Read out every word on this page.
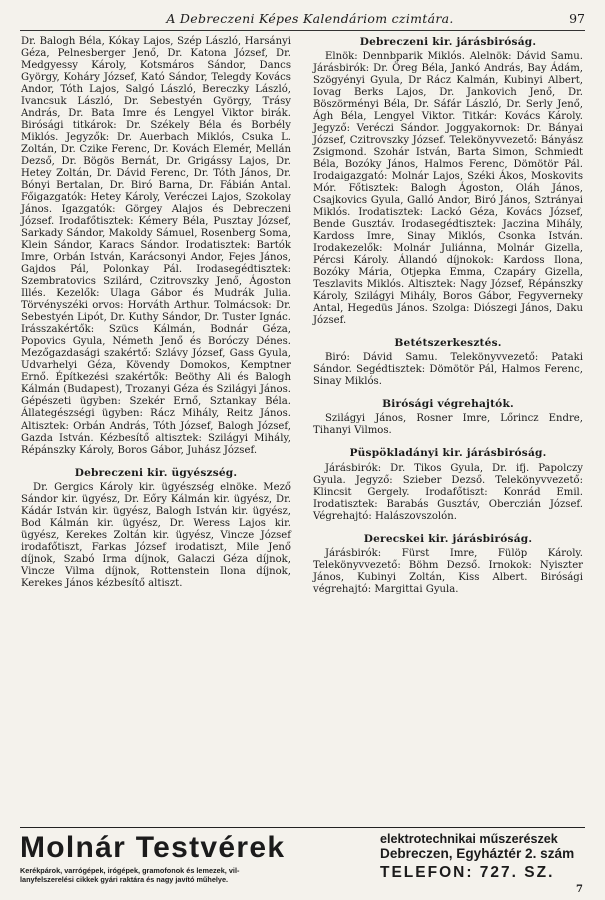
A Debreczeni Képes Kalendáriom czimtára.	97

Dr. Balogh Béla, Kókay Lajos, Szép László, Harsányi Géza, Pelnesberger Jenő, Dr. Katona József, Dr. Medgyessy Károly, Kotsmáros Sándor, Dancs György, Koháry József, Kató Sándor, Telegdy Kovács Andor, Tóth Lajos, Salgó László, Bereczky László, Ivancsuk László, Dr. Sebestyén György, Trásy András, Dr. Bata Imre és Lengyel Viktor birák. Birósági titkárok: Dr. Székely Béla és Borbély Miklós. Jegyzők: Dr. Auerbach Miklós, Csuka L. Zoltán, Dr. Czike Ferenc, Dr. Kovách Elemér, Mellán Dezső, Dr. Bögös Bernát, Dr. Grigássy Lajos, Dr. Hetey Zoltán, Dr. Dávid Ferenc, Dr. Tóth János, Dr. Bónyi Bertalan, Dr. Biró Barna, Dr. Fábián Antal. Főigazgatók: Hetey Károly, Veréczei Lajos, Szokolay János. Igazgatók: Görgey Alajos és Debreczeni József. Irodafőtisztek: Kémery Béla, Pusztay József, Sarkady Sándor, Makoldy Sámuel, Rosenberg Soma, Klein Sándor, Karacs Sándor. Irodatisztek: Bartók Imre, Orbán István, Karácsonyi Andor, Fejes János, Gajdos Pál, Polonkay Pál. Irodasegédtisztek: Szembratovics Szilárd, Czitrovszky Jenő, Ágoston Illés. Kezelők: Ulaga Gábor és Mudrák Julia. Törvényszéki orvos: Horváth Arthur. Tolmácsok: Dr. Sebestyén Lipót, Dr. Kuthy Sándor, Dr. Tuster Ignác. Irásszakértők: Szücs Kálmán, Bodnár Géza, Popovics Gyula, Németh Jenő és Boróczy Dénes. Mezőgazdasági szakértő: Szlávy József, Gass Gyula, Udvarhelyi Géza, Kövendy Domokos, Kemptner Ernő. Építkezési szakértők: Beöthy Ali és Balogh Kálmán (Budapest), Trozanyi Géza és Szilágyi János. Gépészeti ügyben: Szekér Ernő, Sztankay Béla. Állategészségi ügyben: Rácz Mihály, Reitz János. Altisztek: Orbán András, Tóth József, Balogh József, Gazda István. Kézbesítő altisztek: Szilágyi Mihály, Répánszky Károly, Boros Gábor, Juhász József.

Debreczeni kir. ügyészség.

Dr. Gergics Károly kir. ügyészség elnöke. Mező Sándor kir. ügyész, Dr. Eőry Kálmán kir. ügyész, Dr. Kádár István kir. ügyész, Balogh István kir. ügyész, Bod Kálmán kir. ügyész, Dr. Weress Lajos kir. ügyész, Kerekes Zoltán kir. ügyész, Vincze József irodafőtiszt, Farkas József irodatiszt, Mile Jenő díjnok, Szabó Irma díjnok, Galaczi Géza díjnok, Vincze Vilma díjnok, Rottenstein Ilona díjnok, Kerekes János kézbesítő altiszt.

Debreczeni kir. járásbiróság.

Elnök: Dennbparik Miklós. Alelnök: Dávid Samu. Járásbirók: Dr. Öreg Béla, Jankó András, Bay Ádám, Szögyényi Gyula, Dr Rácz Kalmán, Kubinyi Albert, Iovag Berks Lajos, Dr. Jankovich Jenő, Dr. Böszörményi Béla, Dr. Sáfár László, Dr. Serly Jenő, Ágh Béla, Lengyel Viktor. Titkár: Kovács Károly. Jegyző: Veréczi Sándor. Joggyakornok: Dr. Bányai József, Czitrovszky József. Telekönyvvezető: Bányász Zsigmond. Szohár István, Barta Simon, Schmiedt Béla, Bozóky János, Halmos Ferenc, Dömötör Pál. Irodaigazgató: Molnár Lajos, Széki Ákos, Moskovits Mór. Főtisztek: Balogh Ágoston, Oláh János, Csajkovics Gyula, Galló Andor, Biró János, Sztrányai Miklós. Irodatisztek: Lackó Géza, Kovács József, Bende Gusztáv. Irodasegédtisztek: Jaczina Mihály, Kardoss Imre, Sinay Miklós, Csonka István. Irodakezelők: Molnár Juliánna, Molnár Gizella, Pércsi Károly. Állandó díjnokok: Kardoss Ilona, Bozóky Mária, Otjepka Emma, Czapáry Gizella, Teszlavits Miklós. Altisztek: Nagy József, Répánszky Károly, Szilágyi Mihály, Boros Gábor, Fegyverneky Antal, Hegedüs János. Szolga: Diószegi János, Daku József.

Betétszerkesztés.

Biró: Dávid Samu. Telekönyvvezető: Pataki Sándor. Segédtisztek: Dömötör Pál, Halmos Ferenc, Sinay Miklós.

Birósági végrehajtók.

Szilágyi János, Rosner Imre, Lőrincz Endre, Tihanyi Vilmos.

Püspökladányi kir. járásbiróság.

Járásbirók: Dr. Tikos Gyula, Dr. ifj. Papolczy Gyula. Jegyző: Szieber Dezső. Telekönyvvezető: Klincsit Gergely. Irodafőtiszt: Konrád Emil. Irodatisztek: Barabás Gusztáv, Oberczián József. Végrehajtó: Halászovszolón.

Derecskei kir. járásbiróság.

Járásbirók: Fürst Imre, Fülöp Károly. Telekönyvvezető: Böhm Dezső. Irnokok: Nyiszter János, Kubinyi Zoltán, Kiss Albert. Birósági végrehajtó: Margittai Gyula.

Molnár Testvérek
Kerékpárok, varrógépek, irógépek, gramofonok és lemezek, vil-
lanyfelszerelési cikkek gyári raktára és nagy javító műhelye.
elektrotechnikai műszerészek
Debreczen, Egyháztér 2. szám
TELEFON: 727. SZ.
7
